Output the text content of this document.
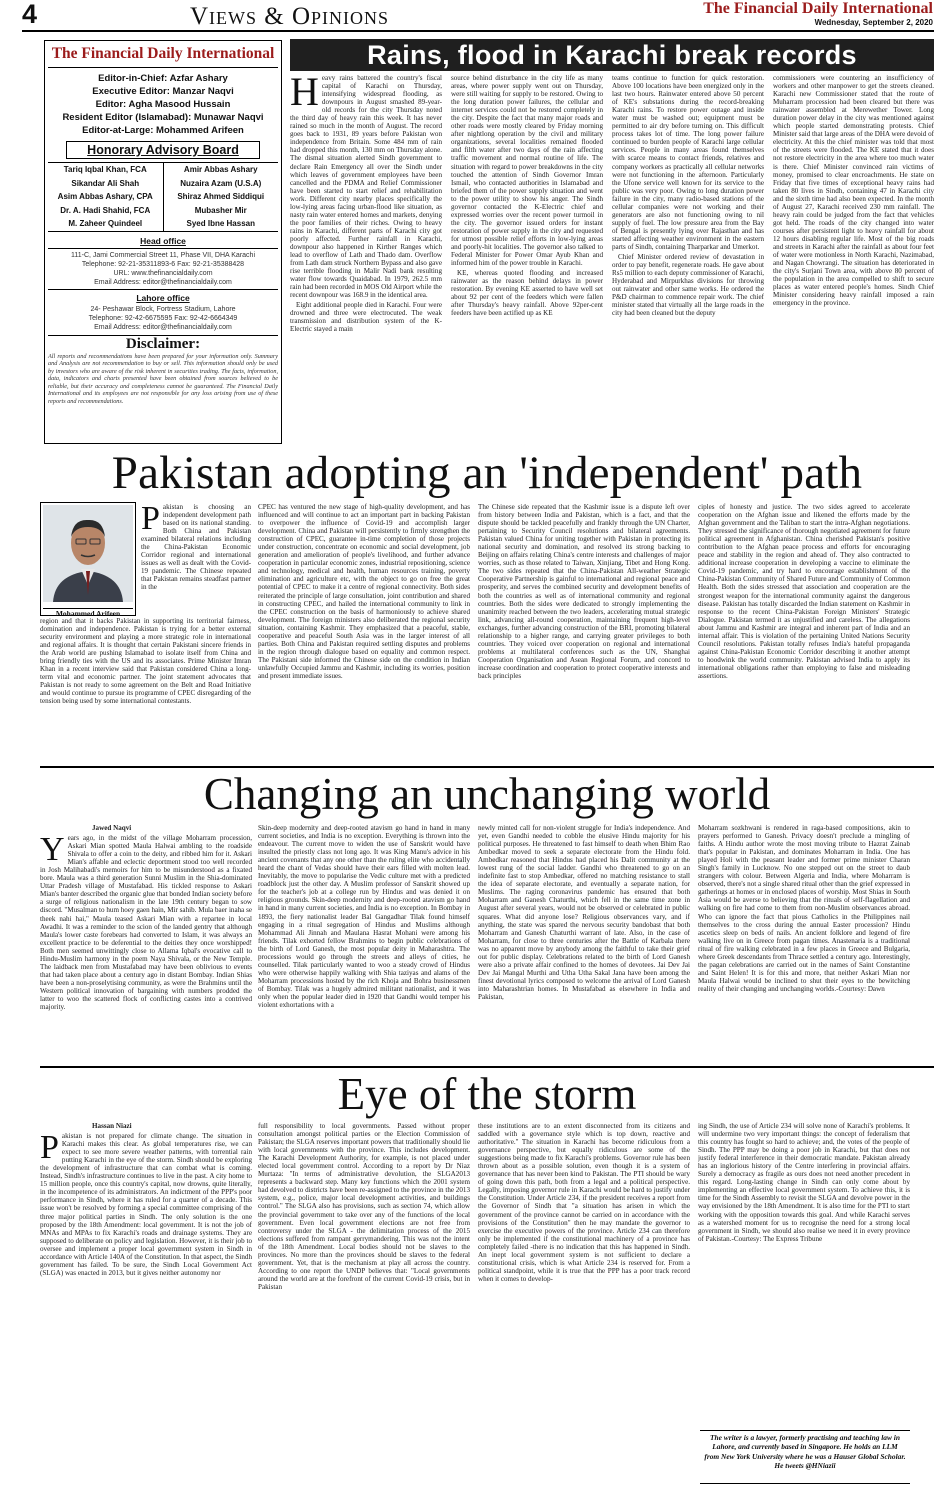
4	Views & Opinions	The Financial Daily International
Wednesday, September 2, 2020
The Financial Daily International
Editor-in-Chief: Azfar Ashary
Executive Editor: Manzar Naqvi
Editor: Agha Masood Hussain
Resident Editor (Islamabad): Munawar Naqvi
Editor-at-Large: Mohammed Arifeen
Honorary Advisory Board
Tariq Iqbal Khan, FCA
Sikandar Ali Shah
Asim Abbas Ashary, CPA
Dr. A. Hadi Shahid, FCA
M. Zaheer Quindeel
Amir Abbas Ashary
Nuzaira Azam (U.S.A)
Shiraz Ahmed Siddiqui
Mubasher Mir
Syed Ibne Hassan
Head office
111-C, Jami Commercial Street 11, Phase VII, DHA Karachi
Telephone: 92-21-35311893-6 Fax: 92-21-35388428
URL: www.thefinancialdaily.com
Email Address: editor@thefinancialdaily.com
Lahore office
24- Peshawar Block, Fortress Stadium, Lahore
Telephone: 92-42-6675595 Fax: 92-42-6664349
Email Address: editor@thefinancialdaily.com
Disclaimer:
All reports and recommendations have been prepared for your information only. Summary and Analysis are not recommendation to buy or sell. This information should only be used by investors who are aware of the risk inherent in securities trading. The facts, information, data, indicators and charts presented have been obtained from sources believed to be reliable, but their accuracy and completeness cannot be guaranteed. The Financial Daily International and its employees are not responsible for any loss arising from use of these reports and recommendations.
Rains, flood in Karachi break records
H eavy rains battered the country's fiscal capital of Karachi on Thursday, intensifying widespread flooding, as downpours in August smashed 89-year-old records for the city Thursday noted the third day of heavy rain this week. It has never rained so much in the month of August. The record goes back to 1931, 89 years before Pakistan won independence from Britain. Some 484 mm of rain had dropped this month, 130 mm on Thursday alone. The dismal situation alerted Sindh government to declare Rain Emergency all over the Sindh under which leaves of government employees have been cancelled and the PDMA and Relief Commissioner have been started to start relief and rehabilitation work. Different city nearby places specifically the low-lying areas facing urban-flood like situation, as nasty rain water entered homes and markets, denying the poor families of their riches. Owing to heavy rains in Karachi, different parts of Karachi city got poorly affected. Further rainfall in Karachi, downpour also happened in Kirther Ranges which lead to overflow of Lath and Thado dam. Overflow from Lath dam struck Northern Bypass and also gave rise terrible flooding in Malir Nadi bank resulting water flow towards Quaidabad. In 1979, 262.5 mm rain had been recorded in MOS Old Airport while the recent downpour was 168.9 in the identical area.

Eight additional people died in Karachi. Four were drowned and three were electrocuted. The weak transmission and distribution system of the K-Electric stayed a main

source behind disturbance in the city life as many areas, where power supply went out on Thursday, were still waiting for supply to be restored. Owing to the long duration power failures, the cellular and internet services could not be restored completely in the city. Despite the fact that many major roads and other roads were mostly cleared by Friday morning after nightlong operation by the civil and military organizations, several localities remained flooded and filth water after two days of the rain affecting traffic movement and normal routine of life. The situation with regard to power breakdowns in the city touched the attention of Sindh Governor Imran Ismail, who contacted authorities in Islamabad and briefed them of the power supply situation and went to the power utility to show his anger. The Sindh governor contacted the K-Electric chief and expressed worries over the recent power turmoil in the city. The governor issued orders for instant restoration of power supply in the city and requested for utmost possible relief efforts in low-lying areas and poorly-hit localities. The governor also talked to Federal Minister for Power Omar Ayub Khan and informed him of the power trouble in Karachi.

KE, whereas quoted flooding and increased rainwater as the reason behind delays in power restoration. By evening KE asserted to have well set about 92 per cent of the feeders which were fallen after Thursday's heavy rainfall. Above 92per-cent feeders have been actified up as KE

teams continue to function for quick restoration. Above 100 locations have been energized only in the last two hours. Rainwater entered above 50 percent of KE's substations during the record-breaking Karachi rains. To restore power outage and inside water must be washed out; equipment must be permitted to air dry before turning on. This difficult process takes lot of time. The long power failure continued to burden people of Karachi large cellular services. People in many areas found themselves with scarce means to contact friends, relatives and company workers as practically all cellular networks were not functioning in the afternoon. Particularly the Ufone service well known for its service to the public was very poor. Owing to long duration power failure in the city, many radio-based stations of the cellular companies were not working and their generators are also not functioning owing to nil supply of fuel. The low pressure area from the Bay of Bengal is presently lying over Rajasthan and has started affecting weather environment in the eastern parts of Sindh, containing Tharparkar and Umerkot.

Chief Minister ordered review of devastation in order to pay benefit, regenerate roads. He gave about Rs5 million to each deputy commissioner of Karachi, Hyderabad and Mirpurkhas divisions for throwing out rainwater and other same works. He ordered the P&D chairman to commence repair work. The chief minister stated that virtually all the large roads in the city had been cleaned but the deputy

commissioners were countering an insufficiency of workers and other manpower to get the streets cleaned. Karachi new Commissioner stated that the route of Muharram procession had been cleared but there was rainwater assembled at Merewether Tower. Long duration power delay in the city was mentioned against which people started demonstrating protests. Chief Minister said that large areas of the DHA were devoid of electricity. At this the chief minister was told that most of the streets were flooded. The KE stated that it does not restore electricity in the area where too much water is there. Chief Minister convinced rain victims of money, promised to clear encroachments. He state on Friday that five times of exceptional heavy rains had taken 80 lives in Sindh, containing 47 in Karachi city and the sixth time had also been expected. In the month of August 27, Karachi received 230 mm rainfall. The heavy rain could be judged from the fact that vehicles got held. The roads of the city changed into water courses after persistent light to heavy rainfall for about 12 hours disabling regular life. Most of the big roads and streets in Karachi after the rainfall as about four feet of water were motionless in North Karachi, Nazimabad, and Nagan Chowrangi. The situation has deteriorated in the city's Surjani Town area, with above 80 percent of the population in the area compelled to shift to secure places as water entered people's homes. Sindh Chief Minister considering heavy rainfall imposed a rain emergency in the province.

Pakistan adopting an 'independent' path
Mohammed Arifeen
P akistan is choosing an independent development path based on its national standing. Both China and Pakistan examined bilateral relations including the China-Pakistan Economic Corridor regional and international issues as well as dealt with the Covid-19 pandemic. The Chinese repeated that Pakistan remains steadfast partner in the

region and that it backs Pakistan in supporting its territorial fairness, domination and independence. Pakistan is trying for a better external security environment and playing a more strategic role in international and regional affairs. It is thought that certain Pakistani sincere friends in the Arab world are pushing Islamabad to isolate itself from China and bring friendly ties with the US and its associates. Prime Minister Imran Khan in a recent interview said that Pakistan considered China a long-term vital and economic partner. The joint statement advocates that Pakistan is not ready to some agreement on the Belt and Road Initiative and would continue to pursue its programme of CPEC disregarding of the tension being used by some international contestants.

CPEC has ventured the new stage of high-quality development, and has influenced and will continue to act an important part in backing Pakistan to overpower the influence of Covid-19 and accomplish larger development. China and Pakistan will persistently to firmly strengthen the construction of CPEC, guarantee in-time completion of those projects under construction, concentrate on economic and social development, job generation and amelioration of people's livelihood, and further advance cooperation in particular economic zones, industrial repositioning, science and technology, medical and health, human resources training, poverty elimination and agriculture etc, with the object to go on free the great potential of CPEC to make it a centre of regional connectivity. Both sides reiterated the principle of large consultation, joint contribution and shared in constructing CPEC, and hailed the international community to link in the CPEC construction on the basis of harmoniously to achieve shared development. The foreign ministers also deliberated the regional security situation, containing Kashmir. They emphasized that a peaceful, stable, cooperative and peaceful South Asia was in the larger interest of all parties. Both China and Pakistan required settling disputes and problems in the region through dialogue based on equality and common respect. The Pakistani side informed the Chinese side on the condition in Indian unlawfully Occupied Jammu and Kashmir, including its worries, position and present immediate issues.

The Chinese side repeated that the Kashmir issue is a dispute left over from history between India and Pakistan, which is a fact, and that the dispute should be tackled peacefully and frankly through the UN Charter, pertaining to Security Council resolutions and bilateral agreements. Pakistan valued China for uniting together with Pakistan in protecting its national security and domination, and resolved its strong backing to Beijing on affairs relating China's centre interests and challenges of major worries, such as those related to Taiwan, Xinjiang, Tibet and Hong Kong. The two sides repeated that the China-Pakistan All-weather Strategic Cooperative Partnership is gainful to international and regional peace and prosperity, and serves the combined security and development benefits of both the countries as well as of international community and regional countries. Both the sides were dedicated to strongly implementing the unanimity reached between the two leaders, accelerating mutual strategic link, advancing all-round cooperation, maintaining frequent high-level exchanges, further advancing construction of the BRI, promoting bilateral relationship to a higher range, and carrying greater privileges to both countries. They voiced over cooperation on regional and international problems at multilateral conferences such as the UN, Shanghai Cooperation Organisation and Asean Regional Forum, and concord to increase coordination and cooperation to protect cooperative interests and back principles

ciples of honesty and justice. The two sides agreed to accelerate cooperation on the Afghan issue and likened the efforts made by the Afghan government and the Taliban to start the intra-Afghan negotiations. They stressed the significance of thorough negotiated agreement for future political agreement in Afghanistan. China cherished Pakistan's positive contribution to the Afghan peace process and efforts for encouraging peace and stability in the region and ahead of. They also contracted to additional increase cooperation in developing a vaccine to eliminate the Covid-19 pandemic, and try hard to encourage establishment of the China-Pakistan Community of Shared Future and Community of Common Health. Both the sides stressed that association and cooperation are the strongest weapon for the international community against the dangerous disease. Pakistan has totally discarded the Indian statement on Kashmir in response to the recent China-Pakistan Foreign Ministers' Strategic Dialogue. Pakistan termed it as unjustified and careless. The allegations about Jammu and Kashmir are integral and inherent part of India and an internal affair. This is violation of the pertaining United Nations Security Council resolutions. Pakistan totally refuses India's hateful propaganda against China-Pakistan Economic Corridor describing it another attempt to hoodwink the world community. Pakistan advised India to apply its international obligations rather than employing to false and misleading assertions.

Changing an unchanging world

Jawed Naqvi

Y ears ago, in the midst of the village Moharram procession, Askari Mian spotted Maula Halwai ambling to the roadside Shivala to offer a coin to the deity, and ribbed him for it. Askari Mian's affable and eclectic deportment stood too well recorded in Josh Malihabadi's memoirs for him to be misunderstood as a fixated bore. Maula was a third generation Sunni Muslim in the Shia-dominated Uttar Pradesh village of Mustafabad. His tickled response to Askari Mian's banter described the organic glue that bonded Indian society before a surge of religious nationalism in the late 19th century began to sow discord. "Musalman to hum hoey gaen hain, Mir sahib. Mula baer inaha se theek nahi hai," Maula teased Askari Mian with a repartee in local Awadhi. It was a reminder to the scion of the landed gentry that although Maula's lower caste forebears had converted to Islam, it was always an excellent practice to be deferential to the deities they once worshipped! Both men seemed unwittingly close to Allama Iqbal's evocative call to Hindu-Muslim harmony in the poem Naya Shivala, or the New Temple. The laidback men from Mustafabad may have been oblivious to events that had taken place about a century ago in distant Bombay. Indian Shias have been a non-proselytising community, as were the Brahmins until the Western political innovation of bargaining with numbers prodded the latter to woo the scattered flock of conflicting castes into a contrived majority.

Skin-deep modernity and deep-rooted atavism go hand in hand in many current societies, and India is no exception. Everything is thrown into the endeavour. The current move to widen the use of Sanskrit would have insulted the priestly class not long ago. It was King Manu's advice in his ancient covenants that any one other than the ruling elite who accidentally heard the chant of Vedas should have their ears filled with molten lead. Inevitably, the move to popularise the Vedic culture met with a predicted roadblock just the other day. A Muslim professor of Sanskrit showed up for the teacher's job at a college run by Hindus and was denied it on religious grounds. Skin-deep modernity and deep-rooted atavism go hand in hand in many current societies, and India is no exception. In Bombay in 1893, the fiery nationalist leader Bal Gangadhar Tilak found himself engaging in a ritual segregation of Hindus and Muslims although Mohammad Ali Jinnah and Maulana Hasrat Mohani were among his friends. Tilak exhorted fellow Brahmins to begin public celebrations of the birth of Lord Ganesh, the most popular deity in Maharashtra. The processions would go through the streets and alleys of cities, he counselled. Tilak particularly wanted to woo a steady crowd of Hindus who were otherwise happily walking with Shia taziyas and alams of the Moharram processions hosted by the rich Khoja and Bohra businessmen of Bombay. Tilak was a hugely admired militant nationalist, and it was only when the popular leader died in 1920 that Gandhi would temper his violent exhortations with a

newly minted call for non-violent struggle for India's independence. And yet, even Gandhi needed to cobble the elusive Hindu majority for his political purposes. He threatened to fast himself to death when Bhim Rao Ambedkar moved to seek a separate electorate from the Hindu fold. Ambedkar reasoned that Hindus had placed his Dalit community at the lowest rung of the social ladder. Gandhi who threatened to go on an indefinite fast to stop Ambedkar, offered no matching resistance to stall the idea of separate electorate, and eventually a separate nation, for Muslims. The raging coronavirus pandemic has ensured that both Moharram and Ganesh Chaturthi, which fell in the same time zone in August after several years, would not be observed or celebrated in public squares. What did anyone lose? Religious observances vary, and if anything, the state was spared the nervous security bandobast that both Moharram and Ganesh Chaturthi warrant of late. Also, in the case of Moharram, for close to three centuries after the Battle of Karbala there was no apparent move by anybody among the faithful to take their grief out for public display. Celebrations related to the birth of Lord Ganesh were also a private affair confined to the homes of devotees. Jai Dev Jai Dev Jai Mangal Murthi and Utha Utha Sakal Jana have been among the finest devotional lyrics composed to welcome the arrival of Lord Ganesh into Maharashtrian homes. In Mustafabad as elsewhere in India and Pakistan,

Moharram sozkhwani is rendered in raga-based compositions, akin to prayers performed to Ganesh. Privacy doesn't preclude a mingling of faiths. A Hindu author wrote the most moving tribute to Hazrat Zainab that's popular in Pakistan, and dominates Moharram in India. One has played Holi with the peasant leader and former prime minister Charan Singh's family in Lucknow. No one stepped out on the street to daub strangers with colour. Between Algeria and India, where Moharram is observed, there's not a single shared ritual other than the grief expressed in gatherings at homes or in enclosed places of worship. Most Shias in South Asia would be averse to believing that the rituals of self-flagellation and walking on fire had come to them from non-Muslim observances abroad. Who can ignore the fact that pious Catholics in the Philippines nail themselves to the cross during the annual Easter procession? Hindu ascetics sleep on beds of nails. An ancient folklore and legend of fire walking live on in Greece from pagan times. Anastenaria is a traditional ritual of fire walking celebrated in a few places in Greece and Bulgaria, where Greek descendants from Thrace settled a century ago. Interestingly, the pagan celebrations are carried out in the names of Saint Constantine and Saint Helen! It is for this and more, that neither Askari Mian nor Maula Halwai would be inclined to shut their eyes to the bewitching reality of their changing and unchanging worlds.-Courtesy: Dawn

Eye of the storm

Hassan Niazi

P akistan is not prepared for climate change. The situation in Karachi makes this clear. As global temperatures rise, we can expect to see more severe weather patterns, with torrential rain putting Karachi in the eye of the storm. Sindh should be exploring the development of infrastructure that can combat what is coming. Instead, Sindh's infrastructure continues to live in the past. A city home to 15 million people, once this country's capital, now drowns, quite literally, in the incompetence of its administrators. An indictment of the PPP's poor performance in Sindh, where it has ruled for a quarter of a decade. This issue won't be resolved by forming a special committee comprising of the three major political parties in Sindh. The only solution is the one proposed by the 18th Amendment: local government. It is not the job of MNAs and MPAs to fix Karachi's roads and drainage systems. They are supposed to deliberate on policy and legislation. However, it is their job to oversee and implement a proper local government system in Sindh in accordance with Article 140A of the Constitution. In that aspect, the Sindh government has failed. To be sure, the Sindh Local Government Act (SLGA) was enacted in 2013, but it gives neither autonomy nor

full responsibility to local governments. Passed without proper consultation amongst political parties or the Election Commission of Pakistan; the SLGA reserves important powers that traditionally should lie with local governments with the province. This includes development. The Karachi Development Authority, for example, is not placed under elected local government control. According to a report by Dr Niaz Murtaza: "In terms of administrative devolution, the SLGA2013 represents a backward step. Many key functions which the 2001 system had devolved to districts have been re-assigned to the province in the 2013 system, e.g., police, major local development activities, and buildings control." The SLGA also has provisions, such as section 74, which allow the provincial government to take over any of the functions of the local government. Even local government elections are not free from controversy under the SLGA - the delimitation process of the 2015 elections suffered from rampant gerrymandering. This was not the intent of the 18th Amendment. Local bodies should not be slaves to the provinces. No more than the provinces should be slaves to the federal government. Yet, that is the mechanism at play all across the country. According to one report the UNDP believes that: "Local governments around the world are at the forefront of the current Covid-19 crisis, but in Pakistan

these institutions are to an extent disconnected from its citizens and saddled with a governance style which is top down, reactive and authoritative." The situation in Karachi has become ridiculous from a governance perspective, but equally ridiculous are some of the suggestions being made to fix Karachi's problems. Governor rule has been thrown about as a possible solution, even though it is a system of governance that has never been kind to Pakistan. The PTI should be wary of going down this path, both from a legal and a political perspective. Legally, imposing governor rule in Karachi would be hard to justify under the Constitution. Under Article 234, if the president receives a report from the Governor of Sindh that "a situation has arisen in which the government of the province cannot be carried on in accordance with the provisions of the Constitution" then he may mandate the governor to exercise the executive powers of the province. Article 234 can therefore only be implemented if the constitutional machinery of a province has completely failed -there is no indication that this has happened in Sindh. An inept local government system is not sufficient to declare a constitutional crisis, which is what Article 234 is reserved for. From a political standpoint, while it is true that the PPP has a poor track record when it comes to develop-

ing Sindh, the use of Article 234 will solve none of Karachi's problems. It will undermine two very important things: the concept of federalism that this country has fought so hard to achieve; and, the votes of the people of Sindh. The PPP may be doing a poor job in Karachi, but that does not justify federal interference in their democratic mandate. Pakistan already has an inglorious history of the Centre interfering in provincial affairs. Surely a democracy as fragile as ours does not need another precedent in this regard. Long-lasting change in Sindh can only come about by implementing an effective local government system. To achieve this, it is time for the Sindh Assembly to revisit the SLGA and devolve power in the way envisioned by the 18th Amendment. It is also time for the PTI to start working with the opposition towards this goal. And while Karachi serves as a watershed moment for us to recognise the need for a strong local government in Sindh, we should also realise we need it in every province of Pakistan.-Courtesy: The Express Tribune

The writer is a lawyer, formerly practising and teaching law in Lahore, and currently based in Singapore. He holds an LLM from New York University where he was a Hauser Global Scholar. He tweets @HNiazii
